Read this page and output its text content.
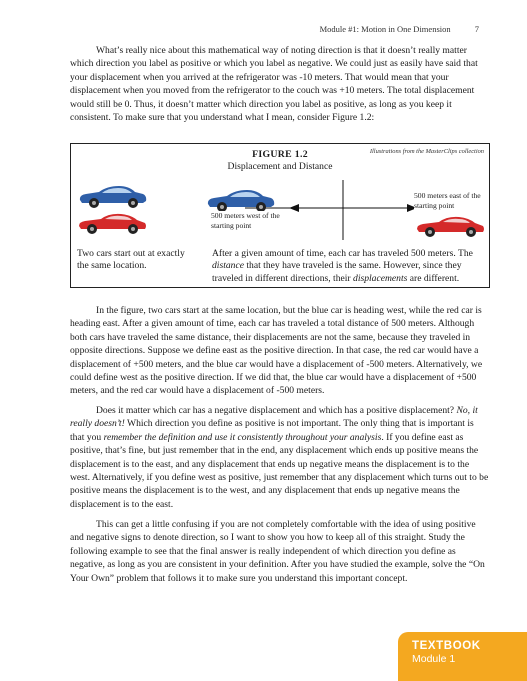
Module #1: Motion in One Dimension	7

What’s really nice about this mathematical way of noting direction is that it doesn’t really matter which direction you label as positive or which you label as negative. We could just as easily have said that your displacement when you arrived at the refrigerator was -10 meters. That would mean that your displacement when you moved from the refrigerator to the couch was +10 meters. The total displacement would still be 0. Thus, it doesn’t matter which direction you label as positive, as long as you keep it consistent. To make sure that you understand what I mean, consider Figure 1.2:

FIGURE 1.2
Displacement and Distance
Illustrations from the MasterClips collection
500 meters west of the starting point
500 meters east of the starting point
Two cars start out at exactly the same location.
After a given amount of time, each car has traveled 500 meters. The distance that they have traveled is the same. However, since they traveled in different directions, their displacements are different.

In the figure, two cars start at the same location, but the blue car is heading west, while the red car is heading east. After a given amount of time, each car has traveled a total distance of 500 meters. Although both cars have traveled the same distance, their displacements are not the same, because they traveled in opposite directions. Suppose we define east as the positive direction. In that case, the red car would have a displacement of +500 meters, and the blue car would have a displacement of -500 meters. Alternatively, we could define west as the positive direction. If we did that, the blue car would have a displacement of +500 meters, and the red car would have a displacement of -500 meters.

Does it matter which car has a negative displacement and which has a positive displacement? No, it really doesn’t! Which direction you define as positive is not important. The only thing that is important is that you remember the definition and use it consistently throughout your analysis. If you define east as positive, that’s fine, but just remember that in the end, any displacement which ends up positive means the displacement is to the east, and any displacement that ends up negative means the displacement is to the west. Alternatively, if you define west as positive, just remember that any displacement which turns out to be positive means the displacement is to the west, and any displacement that ends up negative means the displacement is to the east.

This can get a little confusing if you are not completely comfortable with the idea of using positive and negative signs to denote direction, so I want to show you how to keep all of this straight. Study the following example to see that the final answer is really independent of which direction you define as negative, as long as you are consistent in your definition. After you have studied the example, solve the “On Your Own” problem that follows it to make sure you understand this important concept.

TEXTBOOK
Module 1
